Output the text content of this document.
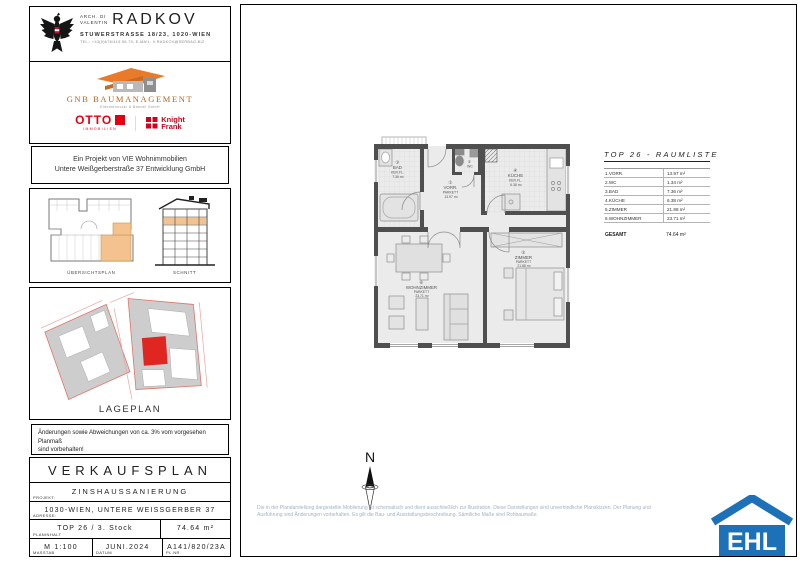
ARCH. DI
VALENTIN RADKOV
STUWERSTRASSE 18/23, 1020-WIEN
TEL.: +43(0)676/415 56 75, E-MAIL: V.RADKOV@SERBAG.BIZ
GNB BAUMANAGEMENT
Eldemanovski & Bandel GmbH
OTTO
IMMOBILIEN
Knight
Frank
Ein Projekt von VIE Wohnimmobilien
Untere Weißgerberstraße 37 Entwicklung GmbH
ÜBERSICHTSPLAN	SCHNITT
LAGEPLAN
Änderungen sowie Abweichungen von ca. 3% vom vorgesehen Planmaß
sind vorbehalten!
VERKAUFSPLAN
PROJEKT:
ZINSHAUSSANIERUNG
ADRESSE:
1030-WIEN, UNTERE WEISSGERBER 37
PLANINHALT
TOP 26 / 3. Stock	74.64 m²
MASSTAB
M 1:100
DATUM
JUNI.2024
PL.NR.
A141/820/23A
③ BAD KER.FL. 7.36 m²
① VORR. PARKETT 13.97 m²
② WC
④ KÜCHE KER.FL. 6.38 m²
⑤ ZIMMER PARKETT 21.88 m²
⑥ WOHNZIMMER PARKETT 23.71 m²
TOP 26 - RAUMLISTE
1.VORR.	13.97 m²
2.WC	1.34 m²
3.BAD	7.36 m²
4.KÜCHE	6.38 m²
5.ZIMMER	21.88 m²
6.WOHNZIMMER	23.71 m²
GESAMT	74.64 m²
N
Die in der Plandarstellung dargestellte Möblierung ist schematisch und dient ausschließlich zur Illustration. Diese Darstellungen sind unverbindliche Planskizzen. Der Planung und
Ausführung sind Änderungen vorbehalten. Es gilt die Bau- und Ausstattungsbeschreibung. Sämtliche Maße sind Rohbaumaße.
EHL
